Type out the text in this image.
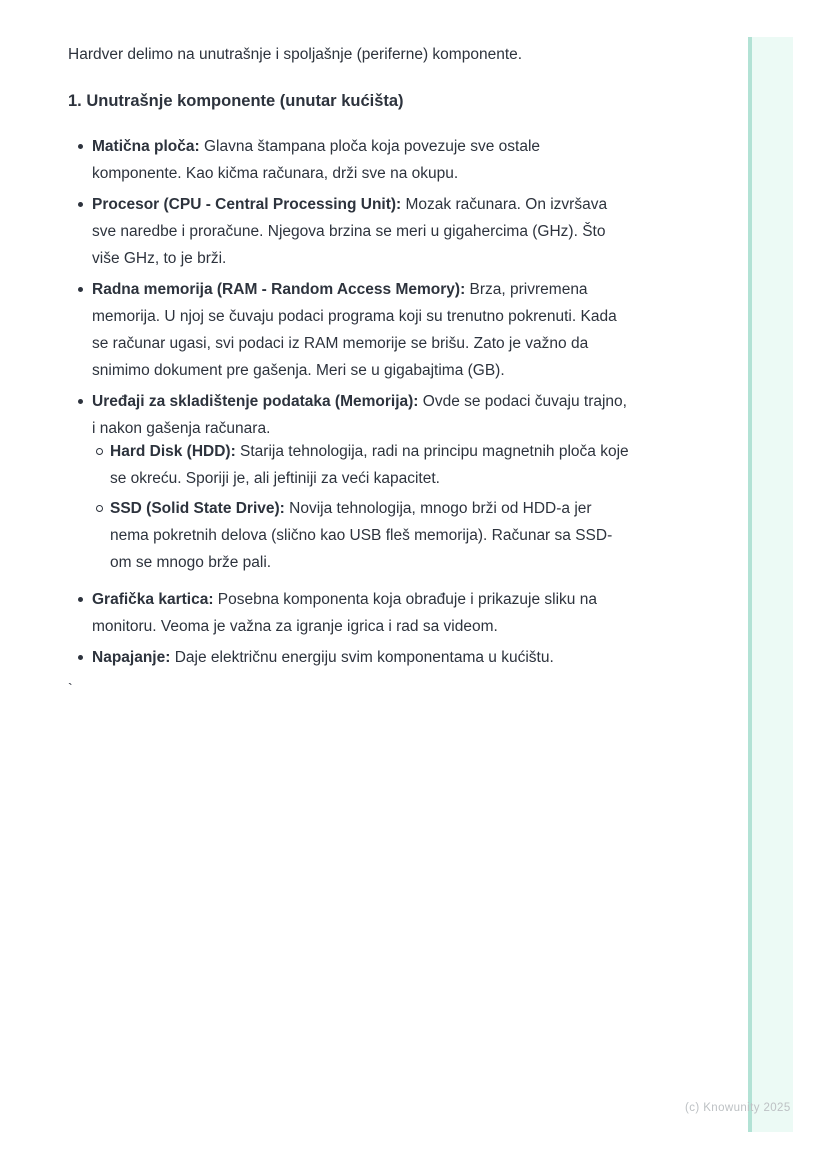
Hardver delimo na unutrašnje i spoljašnje (periferne) komponente.

1. Unutrašnje komponente (unutar kućišta)
Matična ploča: Glavna štampana ploča koja povezuje sve ostale komponente. Kao kičma računara, drži sve na okupu.
Procesor (CPU - Central Processing Unit): Mozak računara. On izvršava sve naredbe i proračune. Njegova brzina se meri u gigahercima (GHz). Što više GHz, to je brži.
Radna memorija (RAM - Random Access Memory): Brza, privremena memorija. U njoj se čuvaju podaci programa koji su trenutno pokrenuti. Kada se računar ugasi, svi podaci iz RAM memorije se brišu. Zato je važno da snimimo dokument pre gašenja. Meri se u gigabajtima (GB).
Uređaji za skladištenje podataka (Memorija): Ovde se podaci čuvaju trajno, i nakon gašenja računara.
Hard Disk (HDD): Starija tehnologija, radi na principu magnetnih ploča koje se okreću. Sporiji je, ali jeftiniji za veći kapacitet.
SSD (Solid State Drive): Novija tehnologija, mnogo brži od HDD-a jer nema pokretnih delova (slično kao USB fleš memorija). Računar sa SSD-om se mnogo brže pali.
Grafička kartica: Posebna komponenta koja obrađuje i prikazuje sliku na monitoru. Veoma je važna za igranje igrica i rad sa videom.
Napajanje: Daje električnu energiju svim komponentama u kućištu.
`
(c) Knowunity 2025
